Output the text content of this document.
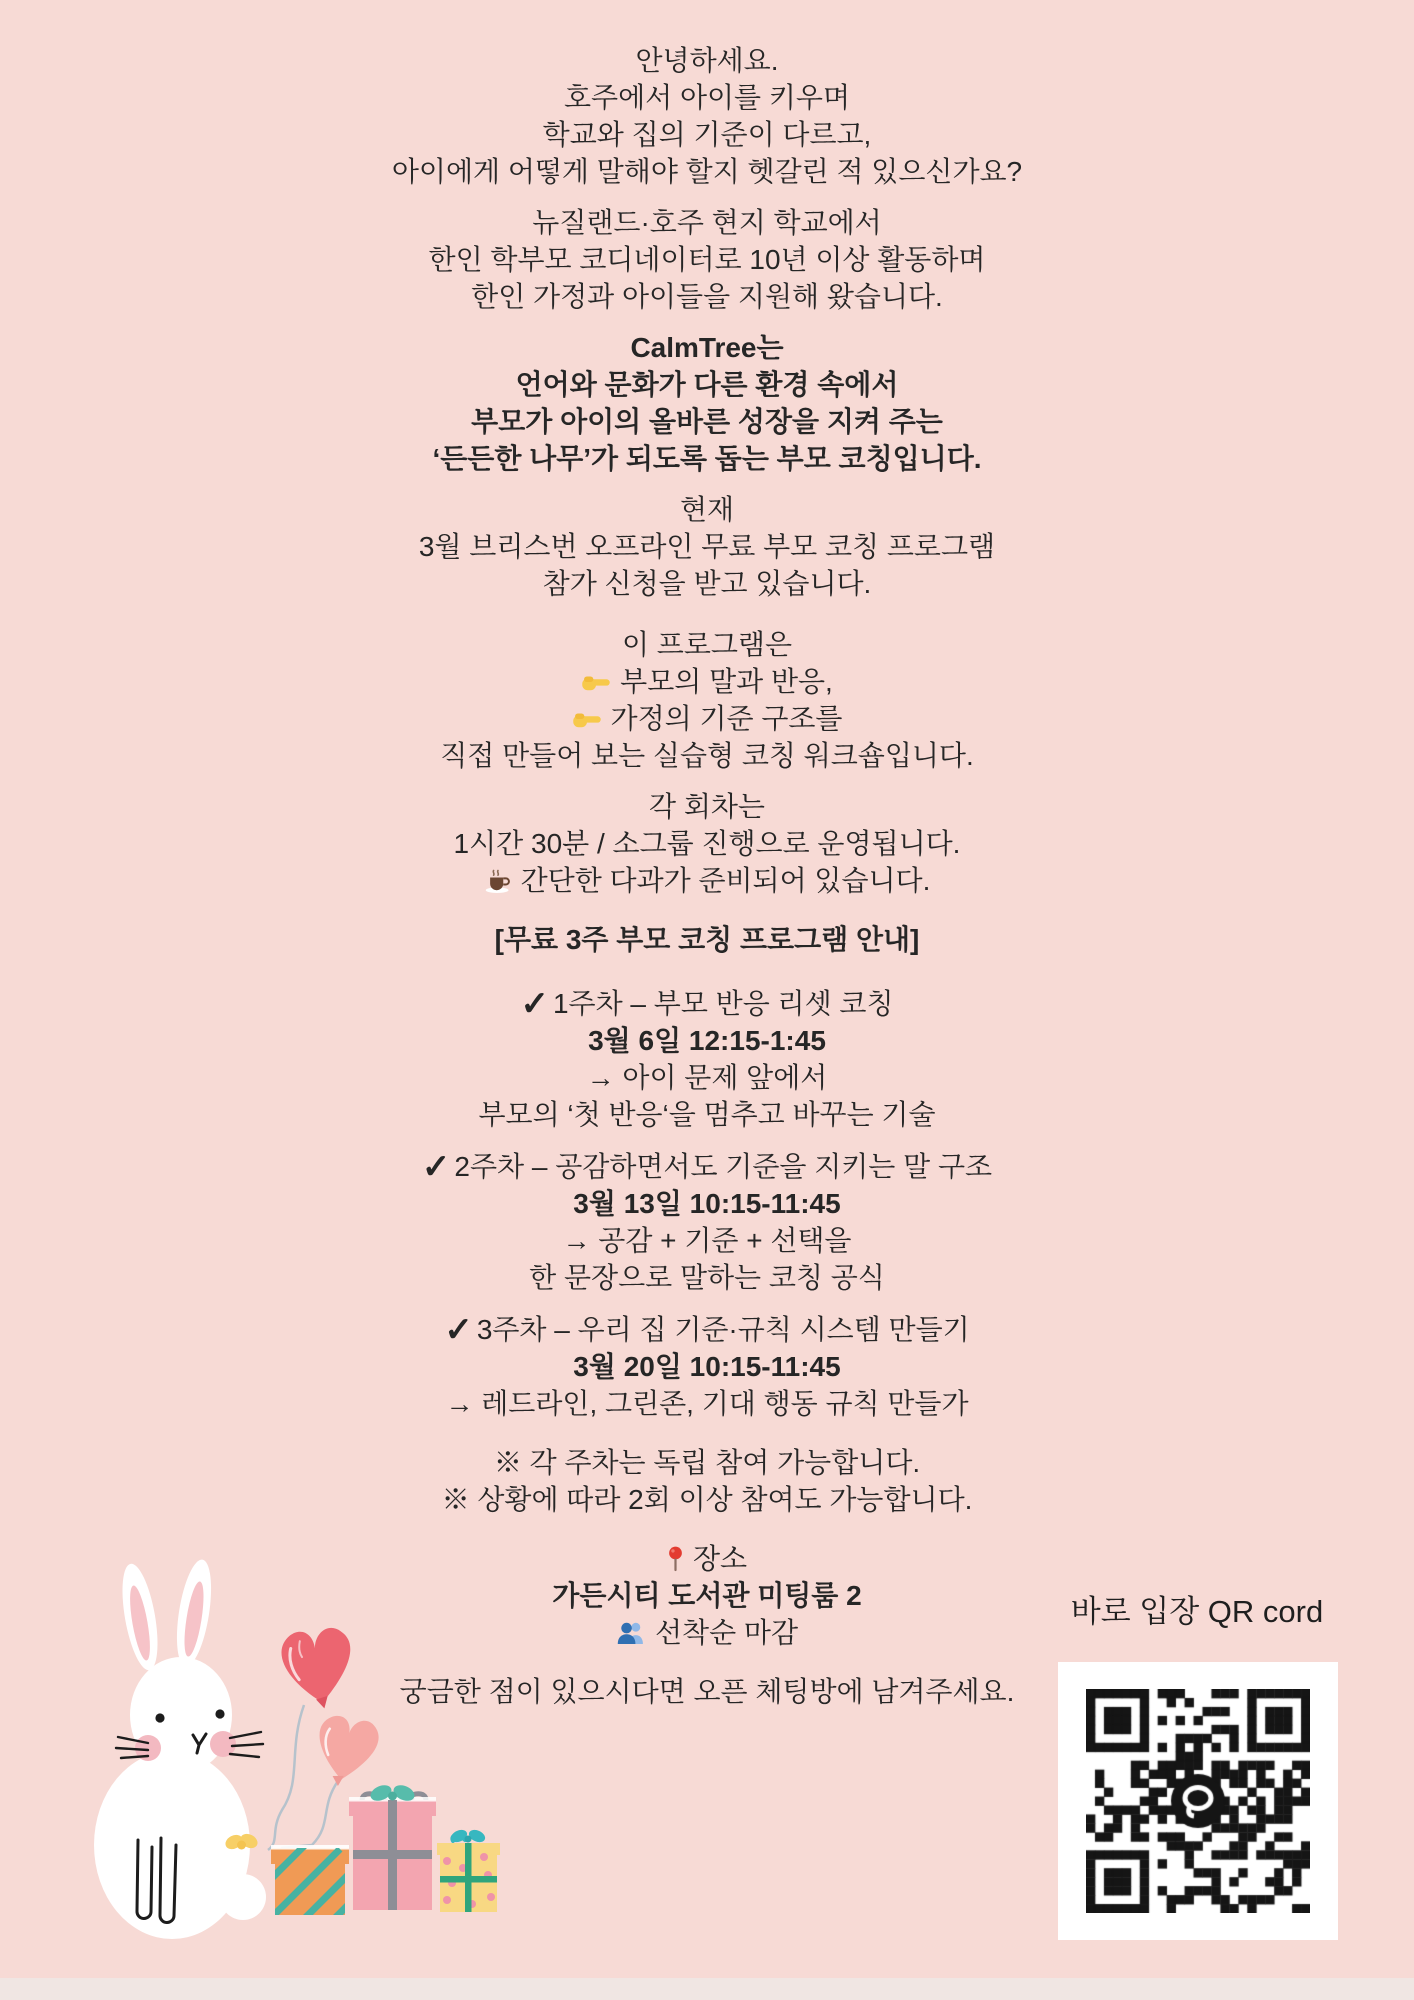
안녕하세요.
호주에서 아이를 키우며
학교와 집의 기준이 다르고,
아이에게 어떻게 말해야 할지 헷갈린 적 있으신가요?
뉴질랜드·호주 현지 학교에서
한인 학부모 코디네이터로 10년 이상 활동하며
한인 가정과 아이들을 지원해 왔습니다.
CalmTree는
언어와 문화가 다른 환경 속에서
부모가 아이의 올바른 성장을 지켜 주는
‘든든한 나무’가 되도록 돕는 부모 코칭입니다.
현재
3월 브리스번 오프라인 무료 부모 코칭 프로그램
참가 신청을 받고 있습니다.
이 프로그램은
부모의 말과 반응,
가정의 기준 구조를
직접 만들어 보는 실습형 코칭 워크숍입니다.
각 회차는
1시간 30분 / 소그룹 진행으로 운영됩니다.
간단한 다과가 준비되어 있습니다.
[무료 3주 부모 코칭 프로그램 안내]
✓ 1주차 – 부모 반응 리셋 코칭
3월 6일 12:15-1:45
→ 아이 문제 앞에서
부모의 ‘첫 반응‘을 멈추고 바꾸는 기술
✓ 2주차 – 공감하면서도 기준을 지키는 말 구조
3월 13일 10:15-11:45
→ 공감 + 기준 + 선택을
한 문장으로 말하는 코칭 공식
✓ 3주차 – 우리 집 기준·규칙 시스템 만들기
3월 20일 10:15-11:45
→ 레드라인, 그린존, 기대 행동 규칙 만들가
※ 각 주차는 독립 참여 가능합니다.
※ 상황에 따라 2회 이상 참여도 가능합니다.
장소
가든시티 도서관 미팅룸 2
선착순 마감
궁금한 점이 있으시다면 오픈 체팅방에 남겨주세요.
바로 입장 QR cord
